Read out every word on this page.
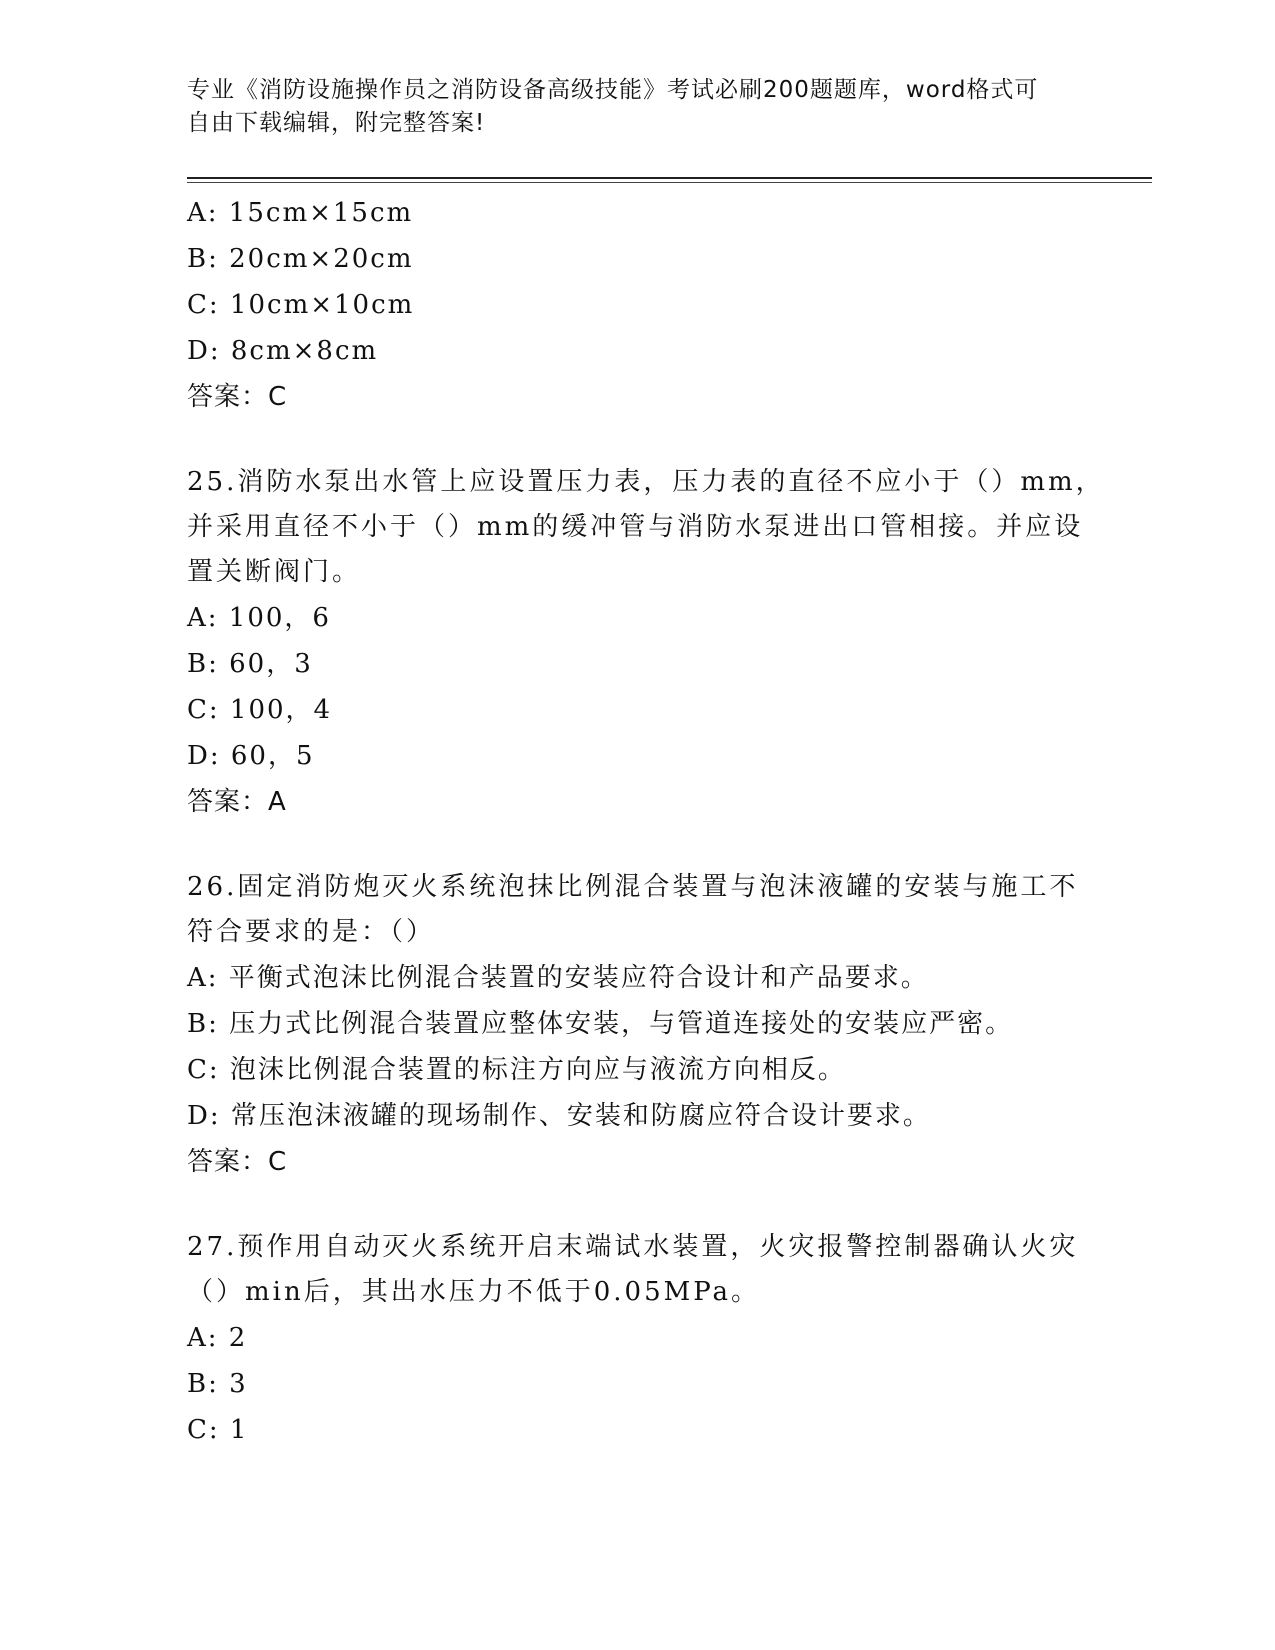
专业《消防设施操作员之消防设备高级技能》考试必刷200题题库，word格式可
自由下载编辑，附完整答案!
A: 15cm×15cm
B: 20cm×20cm
C: 10cm×10cm
D: 8cm×8cm
答案：C
25.消防水泵出水管上应设置压力表，压力表的直径不应小于（）mm，
并采用直径不小于（）mm的缓冲管与消防水泵进出口管相接。并应设
置关断阀门。
A: 100，6
B: 60，3
C: 100，4
D: 60，5
答案：A
26.固定消防炮灭火系统泡抹比例混合装置与泡沫液罐的安装与施工不
符合要求的是：（）
A: 平衡式泡沫比例混合装置的安装应符合设计和产品要求。
B: 压力式比例混合装置应整体安装，与管道连接处的安装应严密。
C: 泡沫比例混合装置的标注方向应与液流方向相反。
D: 常压泡沫液罐的现场制作、安装和防腐应符合设计要求。
答案：C
27.预作用自动灭火系统开启末端试水装置，火灾报警控制器确认火灾
（）min后，其出水压力不低于0.05MPa。
A: 2
B: 3
C: 1
